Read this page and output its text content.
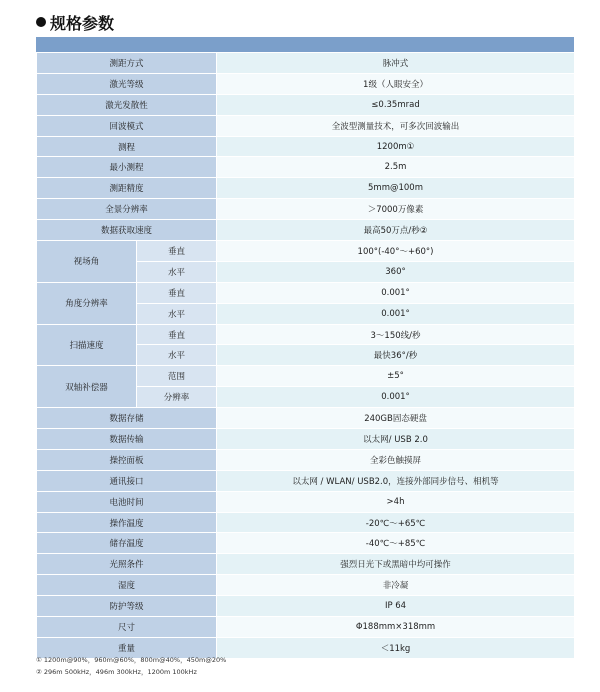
规格参数
测距方式		脉冲式
激光等级		1级（人眼安全）
激光发散性		≤0.35mrad
回波模式		全波型测量技术，可多次回波输出
测程		1200m①
最小测程		2.5m
测距精度		5mm@100m
全景分辨率		＞7000万像素
数据获取速度		最高50万点/秒②
视场角	垂直	100°(-40°～+60°)
	水平	360°
角度分辨率	垂直	0.001°
	水平	0.001°
扫描速度	垂直	3～150线/秒
	水平	最快36°/秒
双轴补偿器	范围	±5°
	分辨率	0.001°
数据存储		240GB固态硬盘
数据传输		以太网/ USB 2.0
操控面板		全彩色触摸屏
通讯接口		以太网 / WLAN/ USB2.0，连接外部同步信号、相机等
电池时间		>4h
操作温度		-20℃～+65℃
储存温度		-40℃～+85℃
光照条件		强烈日光下或黑暗中均可操作
湿度		非冷凝
防护等级		IP 64
尺寸		Φ188mm×318mm
重量		＜11kg
① 1200m@90%，960m@60%，800m@40%，450m@20%
② 296m 500kHz，496m 300kHz，1200m 100kHz
